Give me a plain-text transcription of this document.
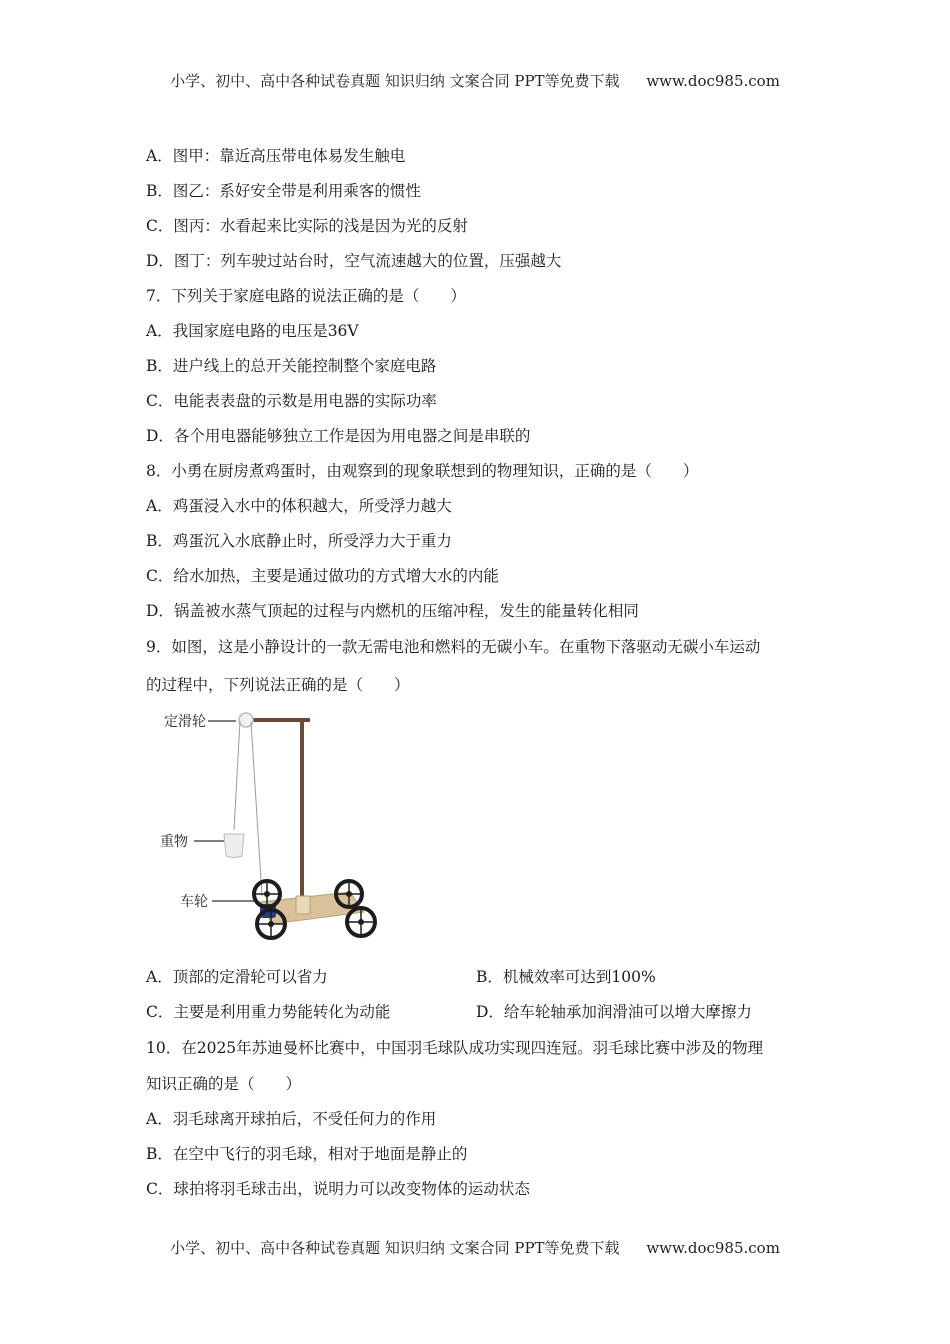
小学、初中、高中各种试卷真题 知识归纳 文案合同 PPT等免费下载 www.doc985.com
A．图甲：靠近高压带电体易发生触电
B．图乙：系好安全带是利用乘客的惯性
C．图丙：水看起来比实际的浅是因为光的反射
D．图丁：列车驶过站台时，空气流速越大的位置，压强越大
7．下列关于家庭电路的说法正确的是（　　）
A．我国家庭电路的电压是36V
B．进户线上的总开关能控制整个家庭电路
C．电能表表盘的示数是用电器的实际功率
D．各个用电器能够独立工作是因为用电器之间是串联的
8．小勇在厨房煮鸡蛋时，由观察到的现象联想到的物理知识，正确的是（　　）
A．鸡蛋浸入水中的体积越大，所受浮力越大
B．鸡蛋沉入水底静止时，所受浮力大于重力
C．给水加热，主要是通过做功的方式增大水的内能
D．锅盖被水蒸气顶起的过程与内燃机的压缩冲程，发生的能量转化相同
9．如图，这是小静设计的一款无需电池和燃料的无碳小车。在重物下落驱动无碳小车运动
的过程中，下列说法正确的是（　　）
定滑轮
重物
车轮
A．顶部的定滑轮可以省力	B．机械效率可达到100%
C．主要是利用重力势能转化为动能	D．给车轮轴承加润滑油可以增大摩擦力
10．在2025年苏迪曼杯比赛中，中国羽毛球队成功实现四连冠。羽毛球比赛中涉及的物理
知识正确的是（　　）
A．羽毛球离开球拍后，不受任何力的作用
B．在空中飞行的羽毛球，相对于地面是静止的
C．球拍将羽毛球击出，说明力可以改变物体的运动状态
小学、初中、高中各种试卷真题 知识归纳 文案合同 PPT等免费下载 www.doc985.com
